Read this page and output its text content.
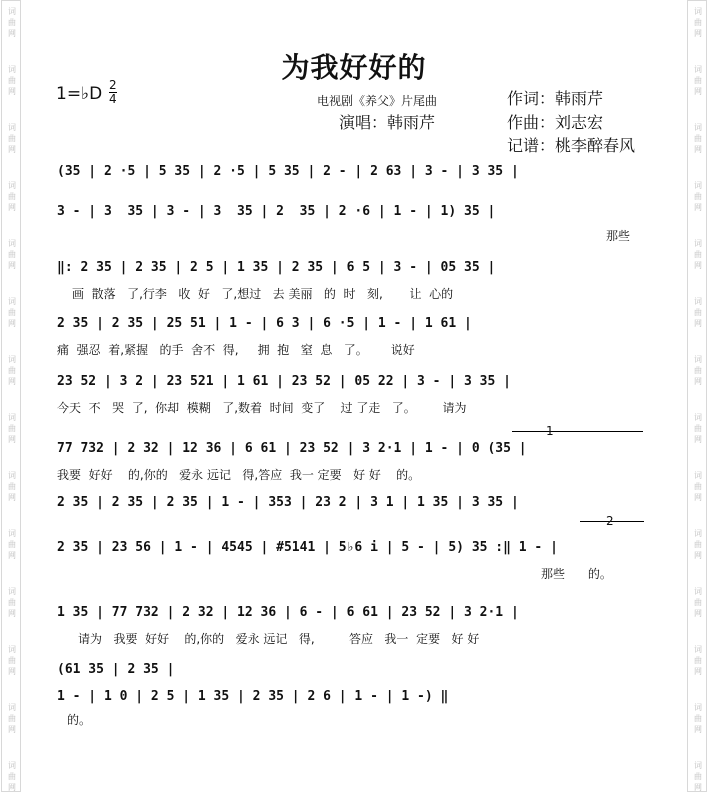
词
曲
网
词
曲
网
词
曲
网
词
曲
网
词
曲
网
词
曲
网
词
曲
网
词
曲
网
词
曲
网
词
曲
网
词
曲
网
词
曲
网
词
曲
网
词
曲
网
词
曲
网
词
曲
网
词
曲
网
词
曲
网
词
曲
网
词
曲
网
词
曲
网
词
曲
网
词
曲
网
词
曲
网
词
曲
网
词
曲
网
词
曲
网
词
曲
网
为我好好的
1=♭D 2
4	电视剧《养父》片尾曲
演唱：韩雨芹
作词：韩雨芹
作曲：刘志宏
记谱：桃李醉春风
(35 | 2 ·5 | 5 35 | 2 ·5 | 5 35 | 2 - | 2 63 | 3 - | 3 35 |
3 - | 3  35 | 3 - | 3  35 | 2  35 | 2 ·6 | 1 - | 1) 35 |
那些
‖: 2 35 | 2 35 | 2 5 | 1 35 | 2 35 | 6 5 | 3 - | 05 35 |
画  散落   了,行李   收  好   了,想过   去 美丽   的  时   刻,       让  心的
2 35 | 2 35 | 25 51 | 1 - | 6 3 | 6 ·5 | 1 - | 1 61 |
痛  强忍  着,紧握   的手  舍不  得,     拥  抱   窒  息   了。      说好
23 52 | 3 2 | 23 521 | 1 61 | 23 52 | 05 22 | 3 - | 3 35 |
今天  不   哭  了,  你却  模糊   了,数着  时间  变了    过 了走   了。       请为
1
77 732 | 2 32 | 12 36 | 6 61 | 23 52 | 3 2·1 | 1 - | 0 (35 |
我要  好好    的,你的   爱永 远记   得,答应  我一 定要   好 好    的。
2 35 | 2 35 | 2 35 | 1 - | 353 | 23 2 | 3 1 | 1 35 | 3 35 |
2
2 35 | 23 56 | 1 - | 4545 | #5141 | 5♭6 i | 5 - | 5) 35 :‖ 1 - |
那些      的。
1 35 | 77 732 | 2 32 | 12 36 | 6 - | 6 61 | 23 52 | 3 2·1 |
请为   我要  好好    的,你的   爱永 远记   得,         答应   我一  定要   好 好
(61 35 | 2 35 |
1 - | 1 0 | 2 5 | 1 35 | 2 35 | 2 6 | 1 - | 1 -) ‖
的。
